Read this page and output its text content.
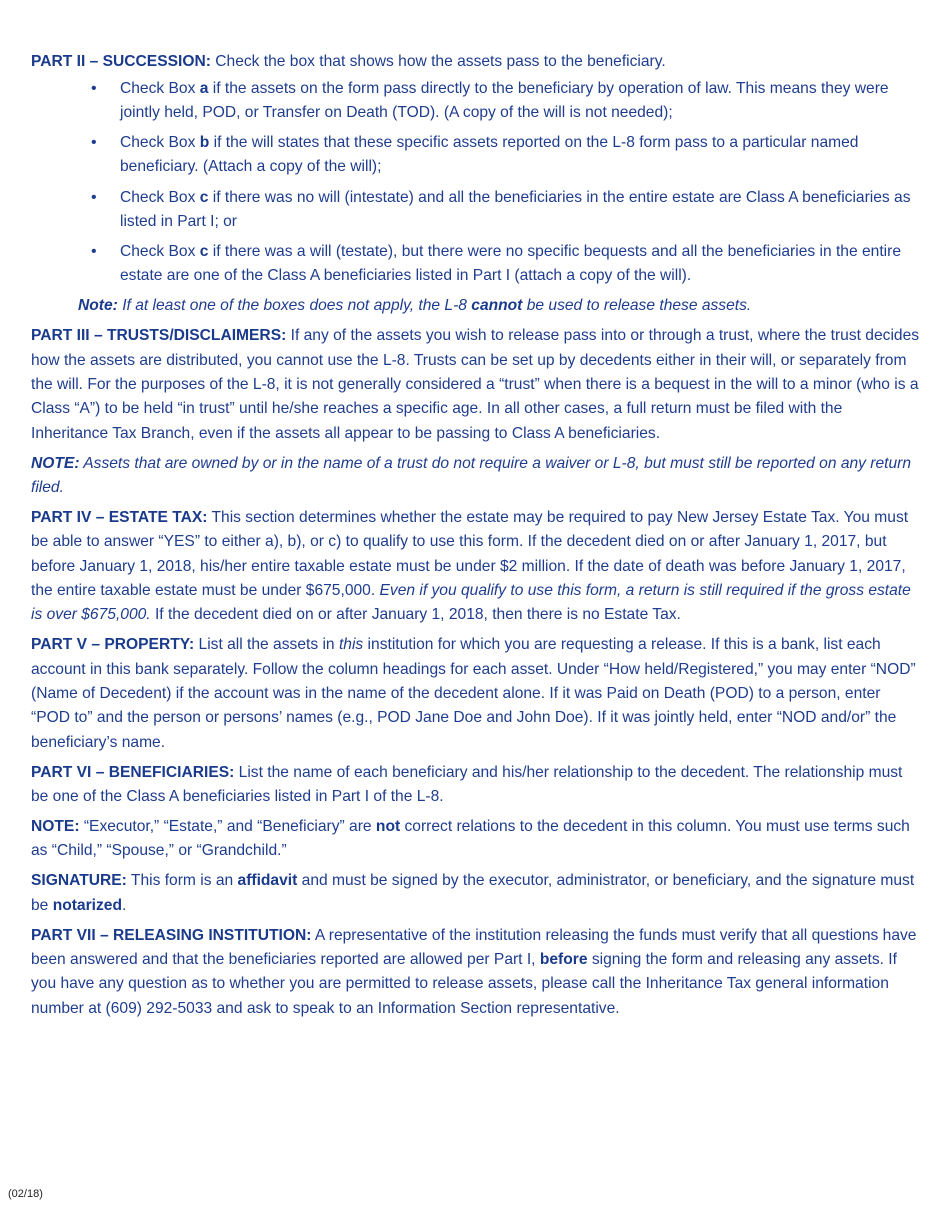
PART II – SUCCESSION: Check the box that shows how the assets pass to the beneficiary.

• Check Box a if the assets on the form pass directly to the beneficiary by operation of law. This means they were jointly held, POD, or Transfer on Death (TOD). (A copy of the will is not needed);
• Check Box b if the will states that these specific assets reported on the L-8 form pass to a particular named beneficiary. (Attach a copy of the will);
• Check Box c if there was no will (intestate) and all the beneficiaries in the entire estate are Class A beneficiaries as listed in Part I; or
• Check Box c if there was a will (testate), but there were no specific bequests and all the beneficiaries in the entire estate are one of the Class A beneficiaries listed in Part I (attach a copy of the will).

Note: If at least one of the boxes does not apply, the L-8 cannot be used to release these assets.

PART III – TRUSTS/DISCLAIMERS: If any of the assets you wish to release pass into or through a trust, where the trust decides how the assets are distributed, you cannot use the L-8. Trusts can be set up by decedents either in their will, or separately from the will. For the purposes of the L-8, it is not generally considered a “trust” when there is a bequest in the will to a minor (who is a Class “A”) to be held “in trust” until he/she reaches a specific age. In all other cases, a full return must be filed with the Inheritance Tax Branch, even if the assets all appear to be passing to Class A beneficiaries.

NOTE: Assets that are owned by or in the name of a trust do not require a waiver or L-8, but must still be reported on any return filed.

PART IV – ESTATE TAX: This section determines whether the estate may be required to pay New Jersey Estate Tax. You must be able to answer “YES” to either a), b), or c) to qualify to use this form. If the decedent died on or after January 1, 2017, but before January 1, 2018, his/her entire taxable estate must be under $2 million. If the date of death was before January 1, 2017, the entire taxable estate must be under $675,000. Even if you qualify to use this form, a return is still required if the gross estate is over $675,000. If the decedent died on or after January 1, 2018, then there is no Estate Tax.

PART V – PROPERTY: List all the assets in this institution for which you are requesting a release. If this is a bank, list each account in this bank separately. Follow the column headings for each asset. Under “How held/Registered,” you may enter “NOD” (Name of Decedent) if the account was in the name of the decedent alone. If it was Paid on Death (POD) to a person, enter “POD to” and the person or persons’ names (e.g., POD Jane Doe and John Doe). If it was jointly held, enter “NOD and/or” the beneficiary’s name.

PART VI – BENEFICIARIES: List the name of each beneficiary and his/her relationship to the decedent. The relationship must be one of the Class A beneficiaries listed in Part I of the L-8.

NOTE: “Executor,” “Estate,” and “Beneficiary” are not correct relations to the decedent in this column. You must use terms such as “Child,” “Spouse,” or “Grandchild.”

SIGNATURE: This form is an affidavit and must be signed by the executor, administrator, or beneficiary, and the signature must be notarized.

PART VII – RELEASING INSTITUTION: A representative of the institution releasing the funds must verify that all questions have been answered and that the beneficiaries reported are allowed per Part I, before signing the form and releasing any assets. If you have any question as to whether you are permitted to release assets, please call the Inheritance Tax general information number at (609) 292-5033 and ask to speak to an Information Section representative.

(02/18)
